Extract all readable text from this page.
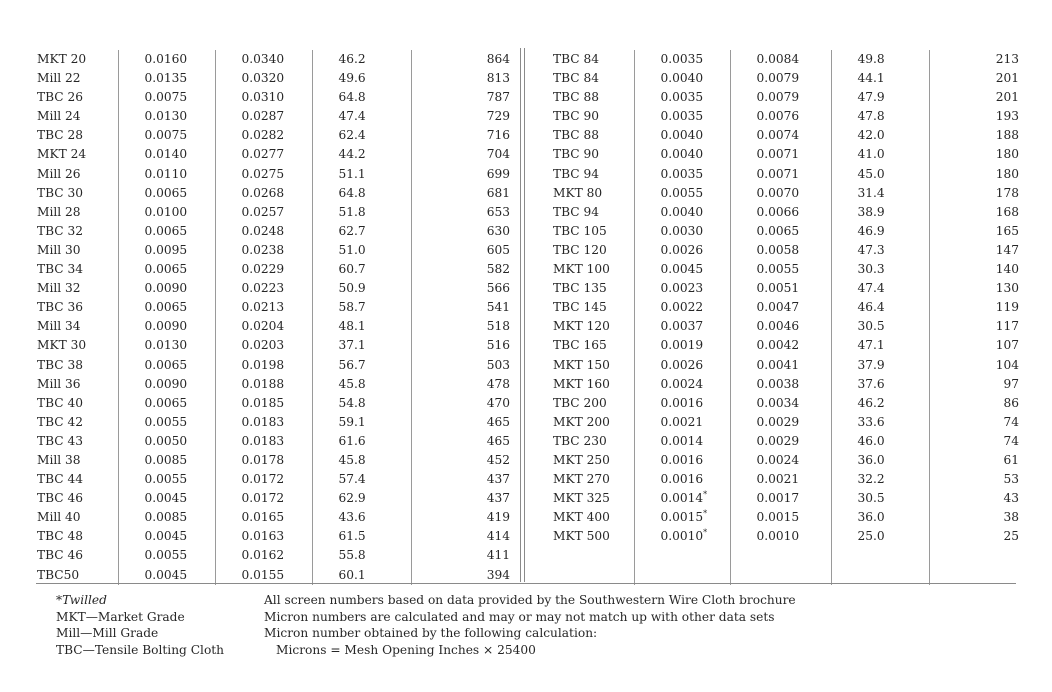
MKT 20	0.0160	0.0340	46.2	864
Mill 22	0.0135	0.0320	49.6	813
TBC 26	0.0075	0.0310	64.8	787
Mill 24	0.0130	0.0287	47.4	729
TBC 28	0.0075	0.0282	62.4	716
MKT 24	0.0140	0.0277	44.2	704
Mill 26	0.0110	0.0275	51.1	699
TBC 30	0.0065	0.0268	64.8	681
Mill 28	0.0100	0.0257	51.8	653
TBC 32	0.0065	0.0248	62.7	630
Mill 30	0.0095	0.0238	51.0	605
TBC 34	0.0065	0.0229	60.7	582
Mill 32	0.0090	0.0223	50.9	566
TBC 36	0.0065	0.0213	58.7	541
Mill 34	0.0090	0.0204	48.1	518
MKT 30	0.0130	0.0203	37.1	516
TBC 38	0.0065	0.0198	56.7	503
Mill 36	0.0090	0.0188	45.8	478
TBC 40	0.0065	0.0185	54.8	470
TBC 42	0.0055	0.0183	59.1	465
TBC 43	0.0050	0.0183	61.6	465
Mill 38	0.0085	0.0178	45.8	452
TBC 44	0.0055	0.0172	57.4	437
TBC 46	0.0045	0.0172	62.9	437
Mill 40	0.0085	0.0165	43.6	419
TBC 48	0.0045	0.0163	61.5	414
TBC 46	0.0055	0.0162	55.8	411
TBC50	0.0045	0.0155	60.1	394
TBC 84	0.0035	0.0084	49.8	213
TBC 84	0.0040	0.0079	44.1	201
TBC 88	0.0035	0.0079	47.9	201
TBC 90	0.0035	0.0076	47.8	193
TBC 88	0.0040	0.0074	42.0	188
TBC 90	0.0040	0.0071	41.0	180
TBC 94	0.0035	0.0071	45.0	180
MKT 80	0.0055	0.0070	31.4	178
TBC 94	0.0040	0.0066	38.9	168
TBC 105	0.0030	0.0065	46.9	165
TBC 120	0.0026	0.0058	47.3	147
MKT 100	0.0045	0.0055	30.3	140
TBC 135	0.0023	0.0051	47.4	130
TBC 145	0.0022	0.0047	46.4	119
MKT 120	0.0037	0.0046	30.5	117
TBC 165	0.0019	0.0042	47.1	107
MKT 150	0.0026	0.0041	37.9	104
MKT 160	0.0024	0.0038	37.6	97
TBC 200	0.0016	0.0034	46.2	86
MKT 200	0.0021	0.0029	33.6	74
TBC 230	0.0014	0.0029	46.0	74
MKT 250	0.0016	0.0024	36.0	61
MKT 270	0.0016	0.0021	32.2	53
MKT 325	0.0014*	0.0017	30.5	43
MKT 400	0.0015*	0.0015	36.0	38
MKT 500	0.0010*	0.0010	25.0	25

*Twilled
MKT—Market Grade
Mill—Mill Grade
TBC—Tensile Bolting Cloth
All screen numbers based on data provided by the Southwestern Wire Cloth brochure
Micron numbers are calculated and may or may not match up with other data sets
Micron number obtained by the following calculation:
Microns = Mesh Opening Inches × 25400
